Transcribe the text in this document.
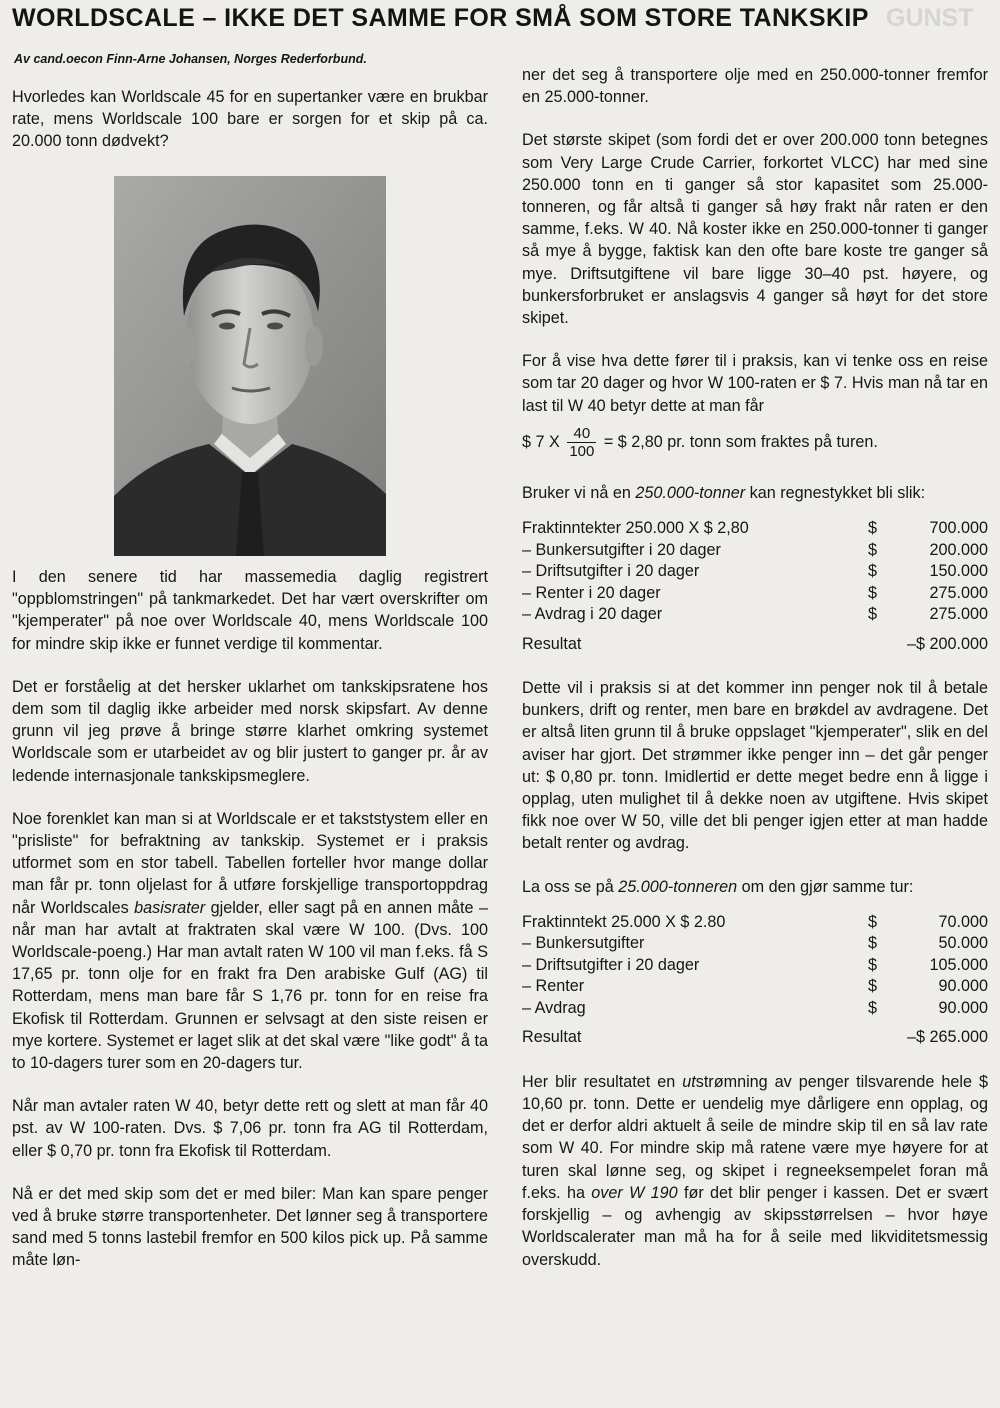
WORLDSCALE – IKKE DET SAMME FOR SMÅ SOM STORE TANKSKIP GUNST
Av cand.oecon Finn-Arne Johansen, Norges Rederforbund.

Hvorledes kan Worldscale 45 for en supertanker være en brukbar rate, mens Worldscale 100 bare er sorgen for et skip på ca. 20.000 tonn dødvekt?

I den senere tid har massemedia daglig registrert "oppblomstringen" på tankmarkedet. Det har vært overskrifter om "kjemperater" på noe over Worldscale 40, mens Worldscale 100 for mindre skip ikke er funnet verdige til kommentar.

Det er forståelig at det hersker uklarhet om tankskipsratene hos dem som til daglig ikke arbeider med norsk skipsfart. Av denne grunn vil jeg prøve å bringe større klarhet omkring systemet Worldscale som er utarbeidet av og blir justert to ganger pr. år av ledende internasjonale tankskipsmeglere.

Noe forenklet kan man si at Worldscale er et takststystem eller en "prisliste" for befraktning av tankskip. Systemet er i praksis utformet som en stor tabell. Tabellen forteller hvor mange dollar man får pr. tonn oljelast for å utføre forskjellige transportoppdrag når Worldscales basisrater gjelder, eller sagt på en annen måte – når man har avtalt at fraktraten skal være W 100. (Dvs. 100 Worldscale-poeng.) Har man avtalt raten W 100 vil man f.eks. få S 17,65 pr. tonn olje for en frakt fra Den arabiske Gulf (AG) til Rotterdam, mens man bare får S 1,76 pr. tonn for en reise fra Ekofisk til Rotterdam. Grunnen er selvsagt at den siste reisen er mye kortere. Systemet er laget slik at det skal være "like godt" å ta to 10-dagers turer som en 20-dagers tur.

Når man avtaler raten W 40, betyr dette rett og slett at man får 40 pst. av W 100-raten. Dvs. $ 7,06 pr. tonn fra AG til Rotterdam, eller $ 0,70 pr. tonn fra Ekofisk til Rotterdam.

Nå er det med skip som det er med biler: Man kan spare penger ved å bruke større transportenheter. Det lønner seg å transportere sand med 5 tonns lastebil fremfor en 500 kilos pick up. På samme måte løn-

ner det seg å transportere olje med en 250.000-tonner fremfor en 25.000-tonner.

Det største skipet (som fordi det er over 200.000 tonn betegnes som Very Large Crude Carrier, forkortet VLCC) har med sine 250.000 tonn en ti ganger så stor kapasitet som 25.000-tonneren, og får altså ti ganger så høy frakt når raten er den samme, f.eks. W 40. Nå koster ikke en 250.000-tonner ti ganger så mye å bygge, faktisk kan den ofte bare koste tre ganger så mye. Driftsutgiftene vil bare ligge 30–40 pst. høyere, og bunkersforbruket er anslagsvis 4 ganger så høyt for det store skipet.

For å vise hva dette fører til i praksis, kan vi tenke oss en reise som tar 20 dager og hvor W 100-raten er $ 7. Hvis man nå tar en last til W 40 betyr dette at man får

$ 7 X $\frac{40}{100}$ = $ 2,80 pr. tonn som fraktes på turen.

Bruker vi nå en 250.000-tonner kan regnestykket bli slik:

Fraktinntekter 250.000 X $ 2,80	$	700.000
– Bunkersutgifter i 20 dager	$	200.000
– Driftsutgifter i 20 dager	$	150.000
– Renter i 20 dager	$	275.000
– Avdrag i 20 dager	$	275.000
Resultat	–$ 200.000	

Dette vil i praksis si at det kommer inn penger nok til å betale bunkers, drift og renter, men bare en brøkdel av avdragene. Det er altså liten grunn til å bruke oppslaget "kjemperater", slik en del aviser har gjort. Det strømmer ikke penger inn – det går penger ut: $ 0,80 pr. tonn. Imidlertid er dette meget bedre enn å ligge i opplag, uten mulighet til å dekke noen av utgiftene. Hvis skipet fikk noe over W 50, ville det bli penger igjen etter at man hadde betalt renter og avdrag.

La oss se på 25.000-tonneren om den gjør samme tur:

Fraktinntekt 25.000 X $ 2.80	$	70.000
– Bunkersutgifter	$	50.000
– Driftsutgifter i 20 dager	$	105.000
– Renter	$	90.000
– Avdrag	$	90.000
Resultat	–$ 265.000	

Her blir resultatet en utstrømning av penger tilsvarende hele $ 10,60 pr. tonn. Dette er uendelig mye dårligere enn opplag, og det er derfor aldri aktuelt å seile de mindre skip til en så lav rate som W 40. For mindre skip må ratene være mye høyere for at turen skal lønne seg, og skipet i regneeksempelet foran må f.eks. ha over W 190 før det blir penger i kassen. Det er svært forskjellig – og avhengig av skipsstørrelsen – hvor høye Worldscalerater man må ha for å seile med likviditetsmessig overskudd.
